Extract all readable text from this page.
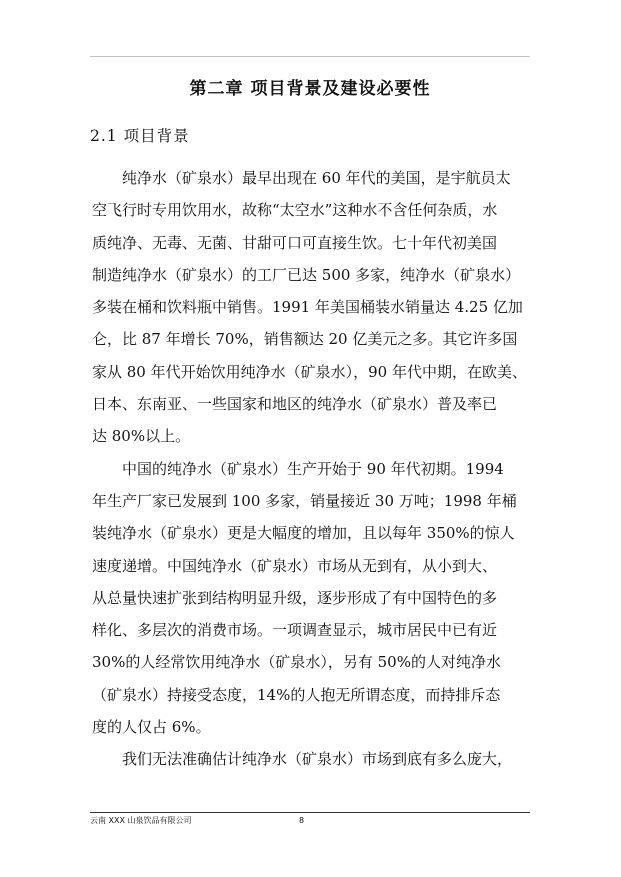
第二章 项目背景及建设必要性
2.1 项目背景
纯净水（矿泉水）最早出现在 60 年代的美国，是宇航员太
空飞行时专用饮用水，故称“太空水”这种水不含任何杂质，水
质纯净、无毒、无菌、甘甜可口可直接生饮。七十年代初美国
制造纯净水（矿泉水）的工厂已达 500 多家，纯净水（矿泉水）
多装在桶和饮料瓶中销售。1991 年美国桶装水销量达 4.25 亿加
仑，比 87 年增长 70%，销售额达 20 亿美元之多。其它许多国
家从 80 年代开始饮用纯净水（矿泉水），90 年代中期，在欧美、
日本、东南亚、一些国家和地区的纯净水（矿泉水）普及率已
达 80%以上。
中国的纯净水（矿泉水）生产开始于 90 年代初期。1994
年生产厂家已发展到 100 多家，销量接近 30 万吨；1998 年桶
装纯净水（矿泉水）更是大幅度的增加，且以每年 350%的惊人
速度递增。中国纯净水（矿泉水）市场从无到有，从小到大、
从总量快速扩张到结构明显升级，逐步形成了有中国特色的多
样化、多层次的消费市场。一项调查显示，城市居民中已有近
30%的人经常饮用纯净水（矿泉水），另有 50%的人对纯净水
（矿泉水）持接受态度，14%的人抱无所谓态度，而持排斥态
度的人仅占 6%。
我们无法准确估计纯净水（矿泉水）市场到底有多么庞大，
云南 XXX 山泉饮品有限公司	8
